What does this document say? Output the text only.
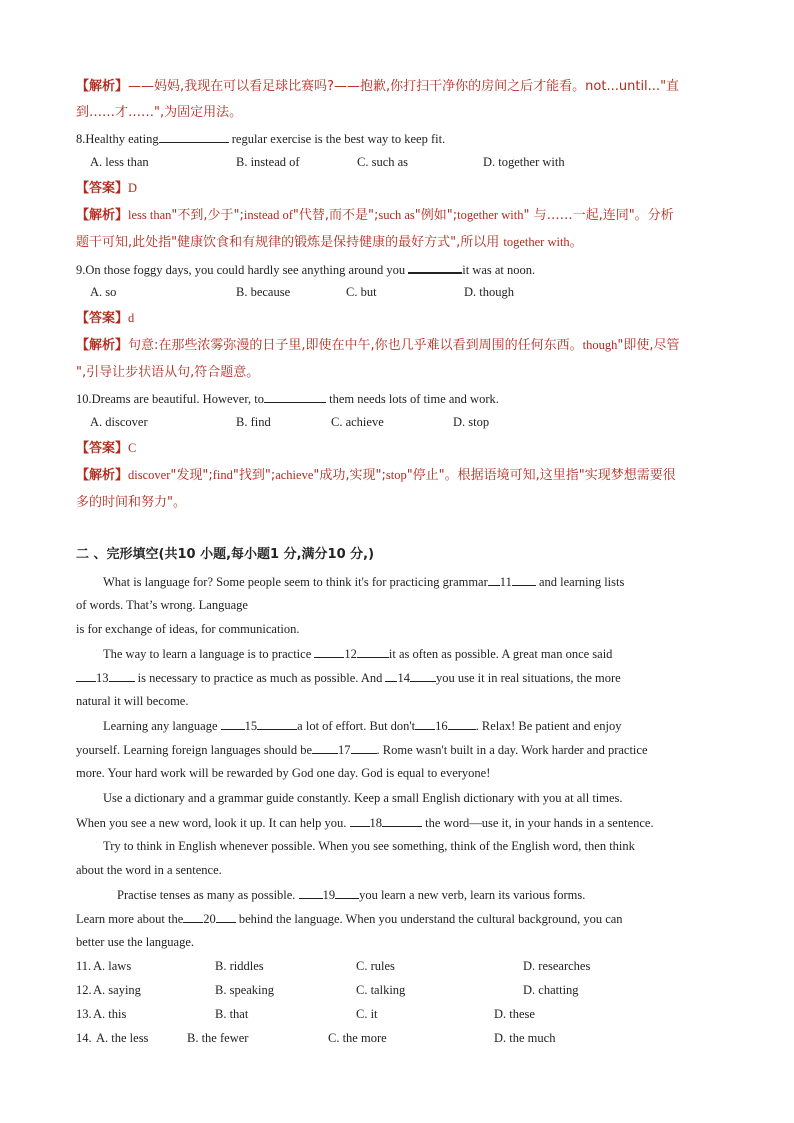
【解析】——妈妈,我现在可以看足球比赛吗?——抱歉,你打扫干净你的房间之后才能看。not...until..."直
到……才……",为固定用法。
8.Healthy eating	regular exercise is the best way to keep fit.
A. less than	B. instead of	C. such as	D. together with
【答案】D
【解析】less than"不到,少于";instead of"代替,而不是";such as"例如";together with" 与……一起,连同"。分析
题干可知,此处指"健康饮食和有规律的锻炼是保持健康的最好方式",所以用 together with。
9.On those foggy days, you could hardly see anything around you	it was at noon.
A. so	B. because	C. but	D. though
【答案】d
【解析】句意:在那些浓雾弥漫的日子里,即使在中午,你也几乎难以看到周围的任何东西。though"即使,尽管
",引导让步状语从句,符合题意。
10.Dreams are beautiful. However, to	them needs lots of time and work.
A. discover	B. find	C. achieve	D. stop
【答案】C
【解析】discover"发现";find"找到";achieve"成功,实现";stop"停止"。根据语境可知,这里指"实现梦想需要很
多的时间和努力"。
二 、完形填空(共10 小题,每小题1 分,满分10 分,)
What is language for? Some people seem to think it's for practicing grammar 11 and learning lists
of words. That’s wrong. Language
is for exchange of ideas, for communication.
The way to learn a language is to practice 12	it as often as possible. A great man once said
13 is necessary to practice as much as possible. And 14 you use it in real situations, the more
natural it will become.
Learning any language 15	a lot of effort. But don't 16 . Relax! Be patient and enjoy
yourself. Learning foreign languages should be 17 . Rome wasn't built in a day. Work harder and practice
more. Your hard work will be rewarded by God one day. God is equal to everyone!
Use a dictionary and a grammar guide constantly. Keep a small English dictionary with you at all times.
When you see a new word, look it up. It can help you. 18	the word—use it, in your hands in a sentence.
Try to think in English whenever possible. When you see something, think of the English word, then think
about the word in a sentence.
Practise tenses as many as possible. 19 you learn a new verb, learn its various forms.
Learn more about the 20 behind the language. When you understand the cultural background, you can
better use the language.
11. A. laws	B. riddles	C. rules	D. researches
12. A. saying	B. speaking	C. talking	D. chatting
13. A. this	B. that	C. it	D. these
14. A. the less	B. the fewer	C. the more	D. the much
